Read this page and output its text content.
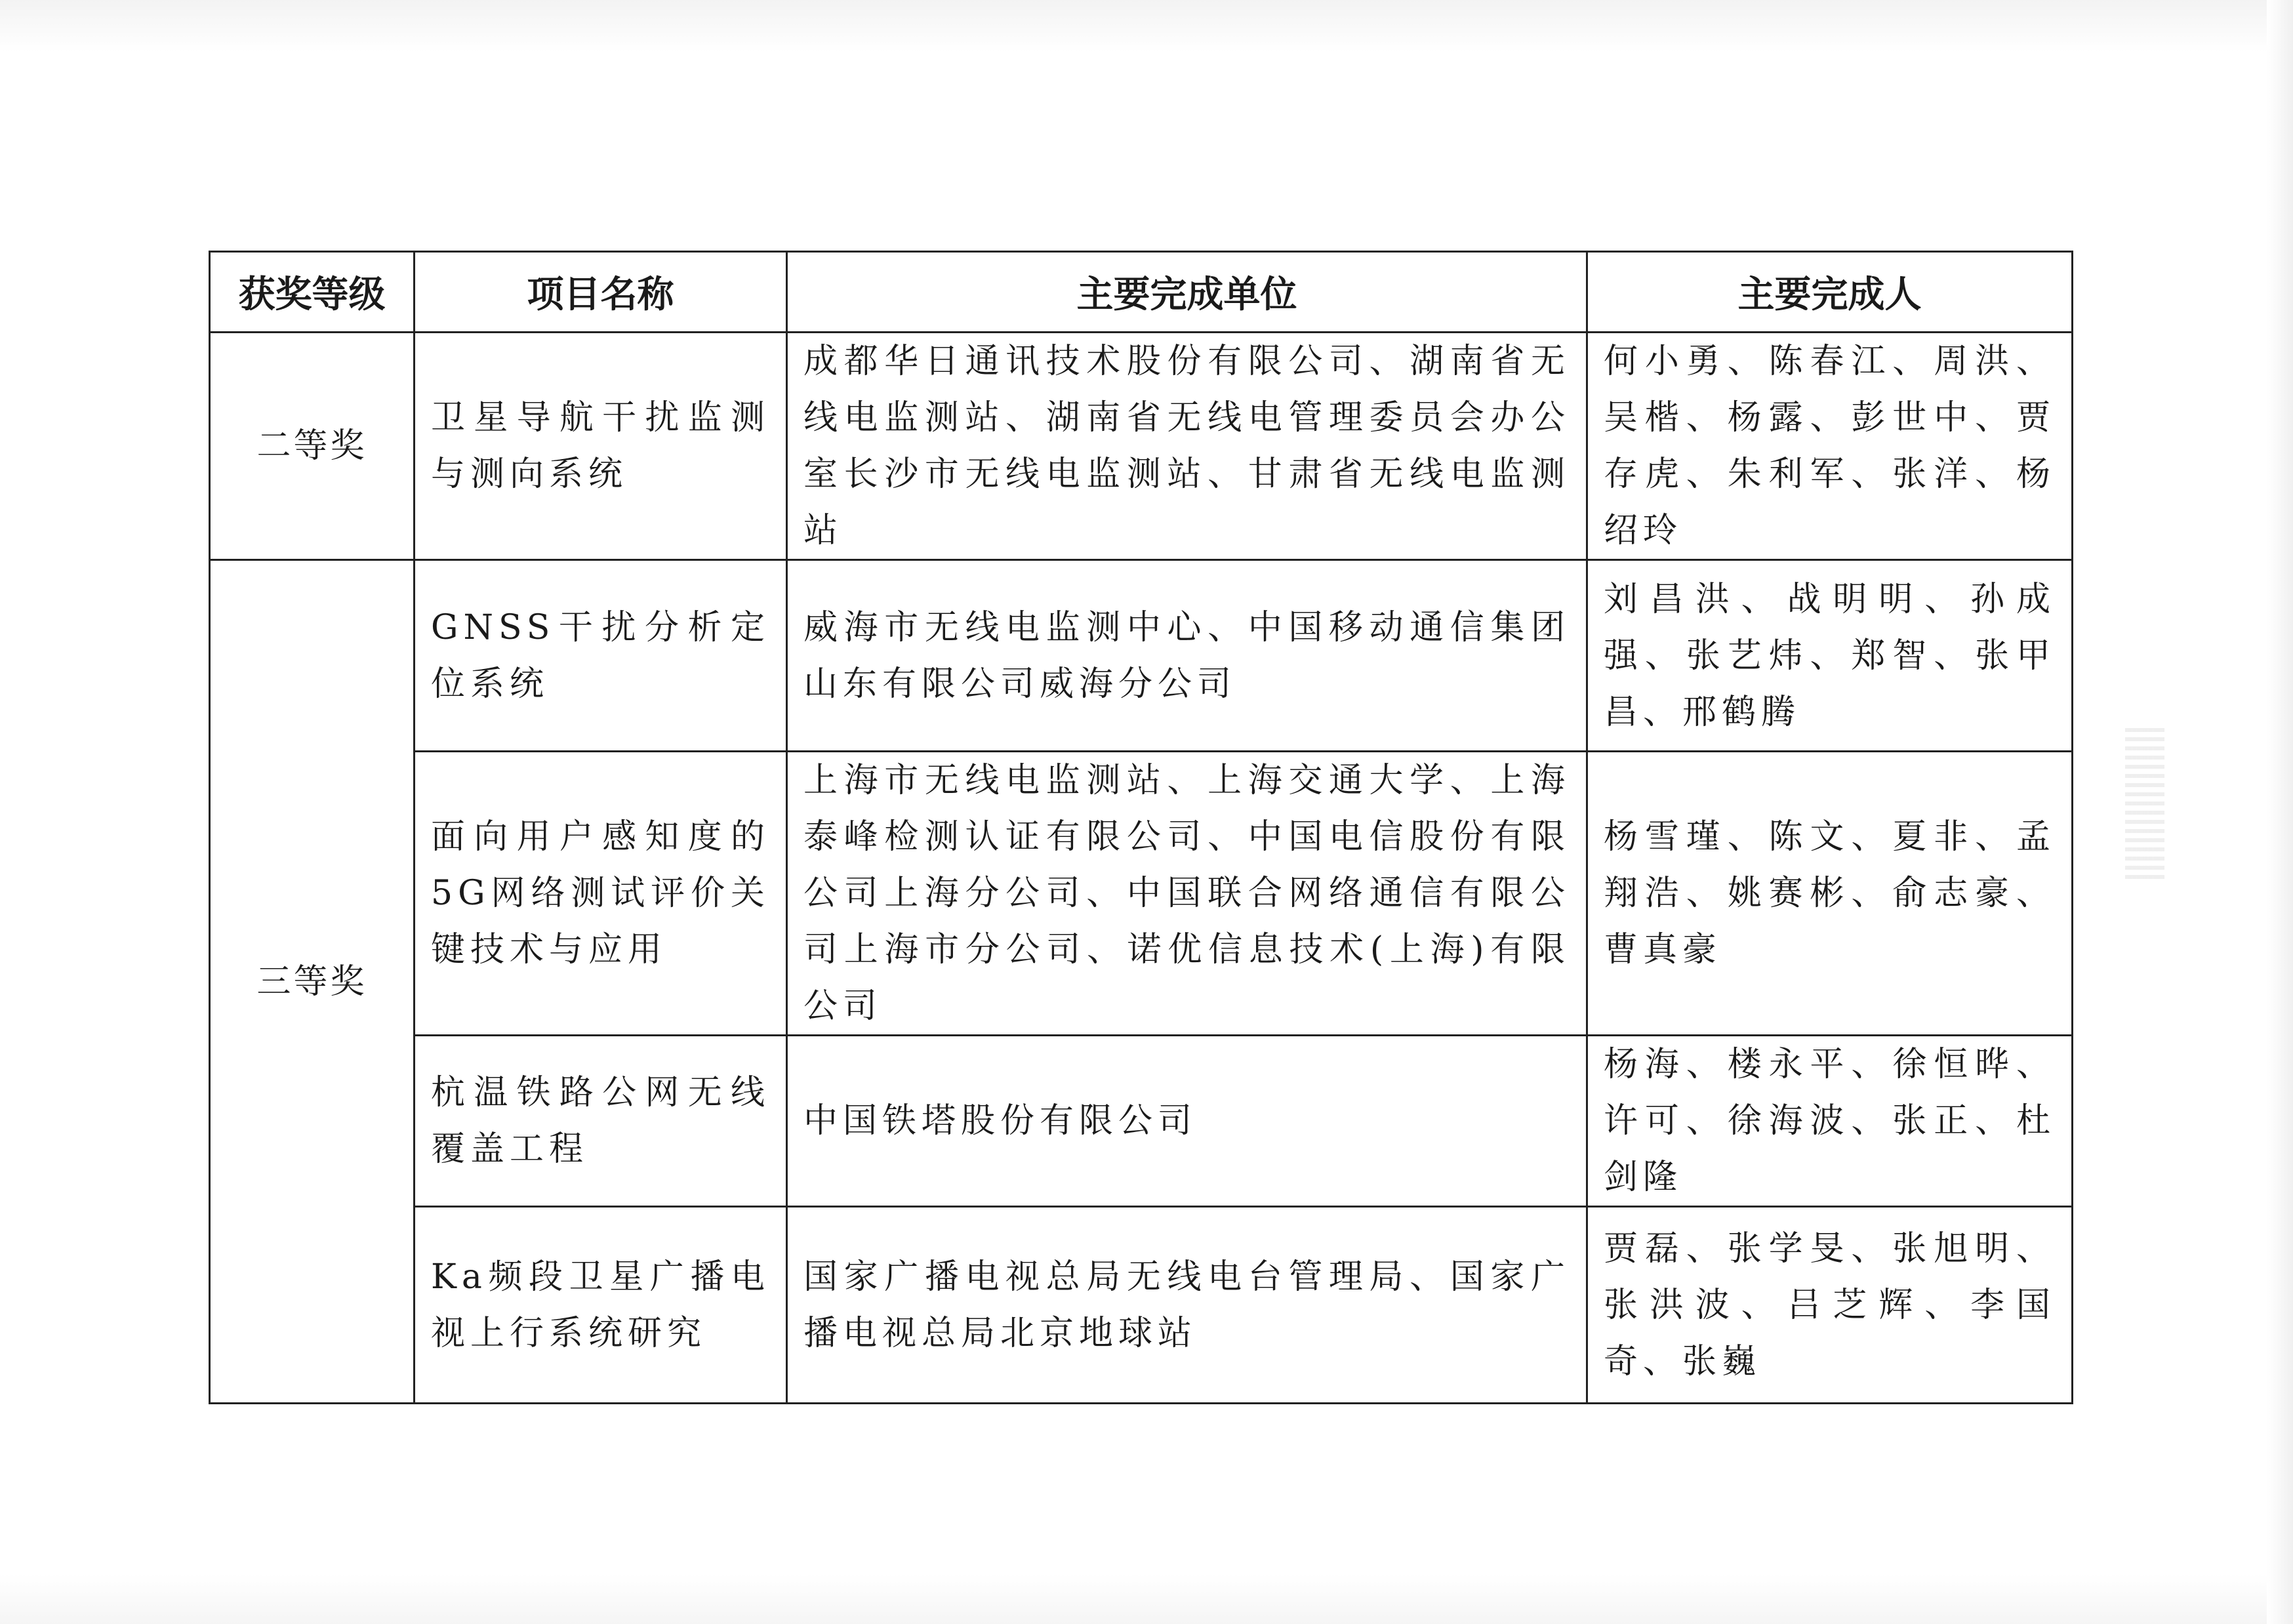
获奖等级	项目名称	主要完成单位	主要完成人
二等奖	卫星导航干扰监测与测向系统	成都华日通讯技术股份有限公司、湖南省无线电监测站、湖南省无线电管理委员会办公室长沙市无线电监测站、甘肃省无线电监测站	何小勇、陈春江、周洪、吴楷、杨露、彭世中、贾存虎、朱利军、张洋、杨绍玲
三等奖	GNSS干扰分析定位系统	威海市无线电监测中心、中国移动通信集团山东有限公司威海分公司	刘昌洪、战明明、孙成强、张艺炜、郑智、张甲昌、邢鹤腾
	面向用户感知度的5G网络测试评价关键技术与应用	上海市无线电监测站、上海交通大学、上海泰峰检测认证有限公司、中国电信股份有限公司上海分公司、中国联合网络通信有限公司上海市分公司、诺优信息技术(上海)有限公司	杨雪瑾、陈文、夏非、孟翔浩、姚赛彬、俞志豪、曹真豪
	杭温铁路公网无线覆盖工程	中国铁塔股份有限公司	杨海、楼永平、徐恒晔、许可、徐海波、张正、杜剑隆
	Ka频段卫星广播电视上行系统研究	国家广播电视总局无线电台管理局、国家广播电视总局北京地球站	贾磊、张学旻、张旭明、张洪波、吕芝辉、李国奇、张巍
